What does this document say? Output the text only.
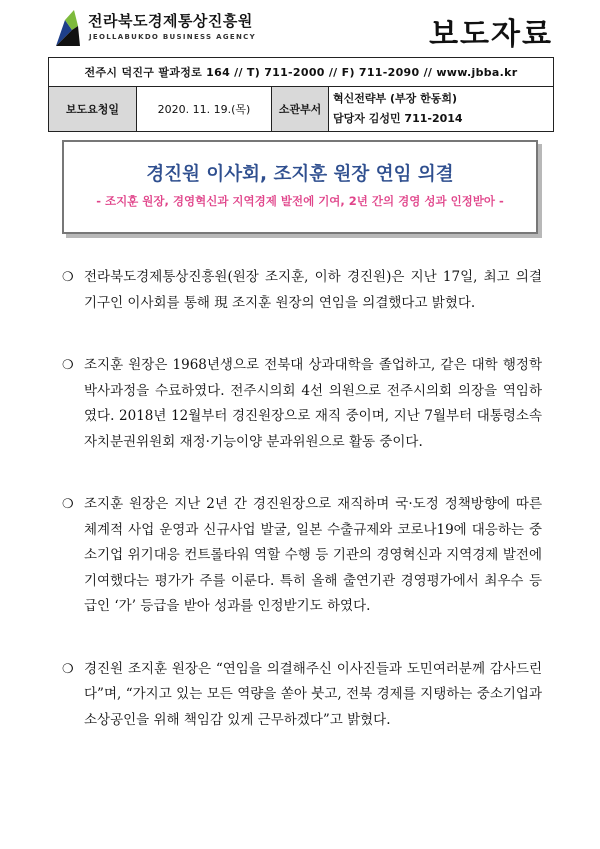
전라북도경제통상진흥원
JEOLLABUKDO BUSINESS AGENCY	보도자료
전주시 덕진구 팔과정로 164 // T) 711-2000 // F) 711-2090 // www.jbba.kr
보도요청일	2020. 11. 19.(목)	소관부서	
혁신전략부 (부장 한동희)
담당자 김성민 711-2014
경진원 이사회, 조지훈 원장 연임 의결
- 조지훈 원장, 경영혁신과 지역경제 발전에 기여, 2년 간의 경영 성과 인정받아 -
❍ 전라북도경제통상진흥원(원장 조지훈, 이하 경진원)은 지난 17일, 최고 의결 기구인 이사회를 통해 現 조지훈 원장의 연임을 의결했다고 밝혔다.
❍ 조지훈 원장은 1968년생으로 전북대 상과대학을 졸업하고, 같은 대학 행정학 박사과정을 수료하였다. 전주시의회 4선 의원으로 전주시의회 의장을 역임하였다. 2018년 12월부터 경진원장으로 재직 중이며, 지난 7월부터 대통령소속 자치분권위원회 재정·기능이양 분과위원으로 활동 중이다.
❍ 조지훈 원장은 지난 2년 간 경진원장으로 재직하며 국·도정 정책방향에 따른 체계적 사업 운영과 신규사업 발굴, 일본 수출규제와 코로나19에 대응하는 중소기업 위기대응 컨트롤타워 역할 수행 등 기관의 경영혁신과 지역경제 발전에 기여했다는 평가가 주를 이룬다. 특히 올해 출연기관 경영평가에서 최우수 등급인 ‘가’ 등급을 받아 성과를 인정받기도 하였다.
❍ 경진원 조지훈 원장은 “연임을 의결해주신 이사진들과 도민여러분께 감사드린다”며, “가지고 있는 모든 역량을 쏟아 붓고, 전북 경제를 지탱하는 중소기업과 소상공인을 위해 책임감 있게 근무하겠다”고 밝혔다.
